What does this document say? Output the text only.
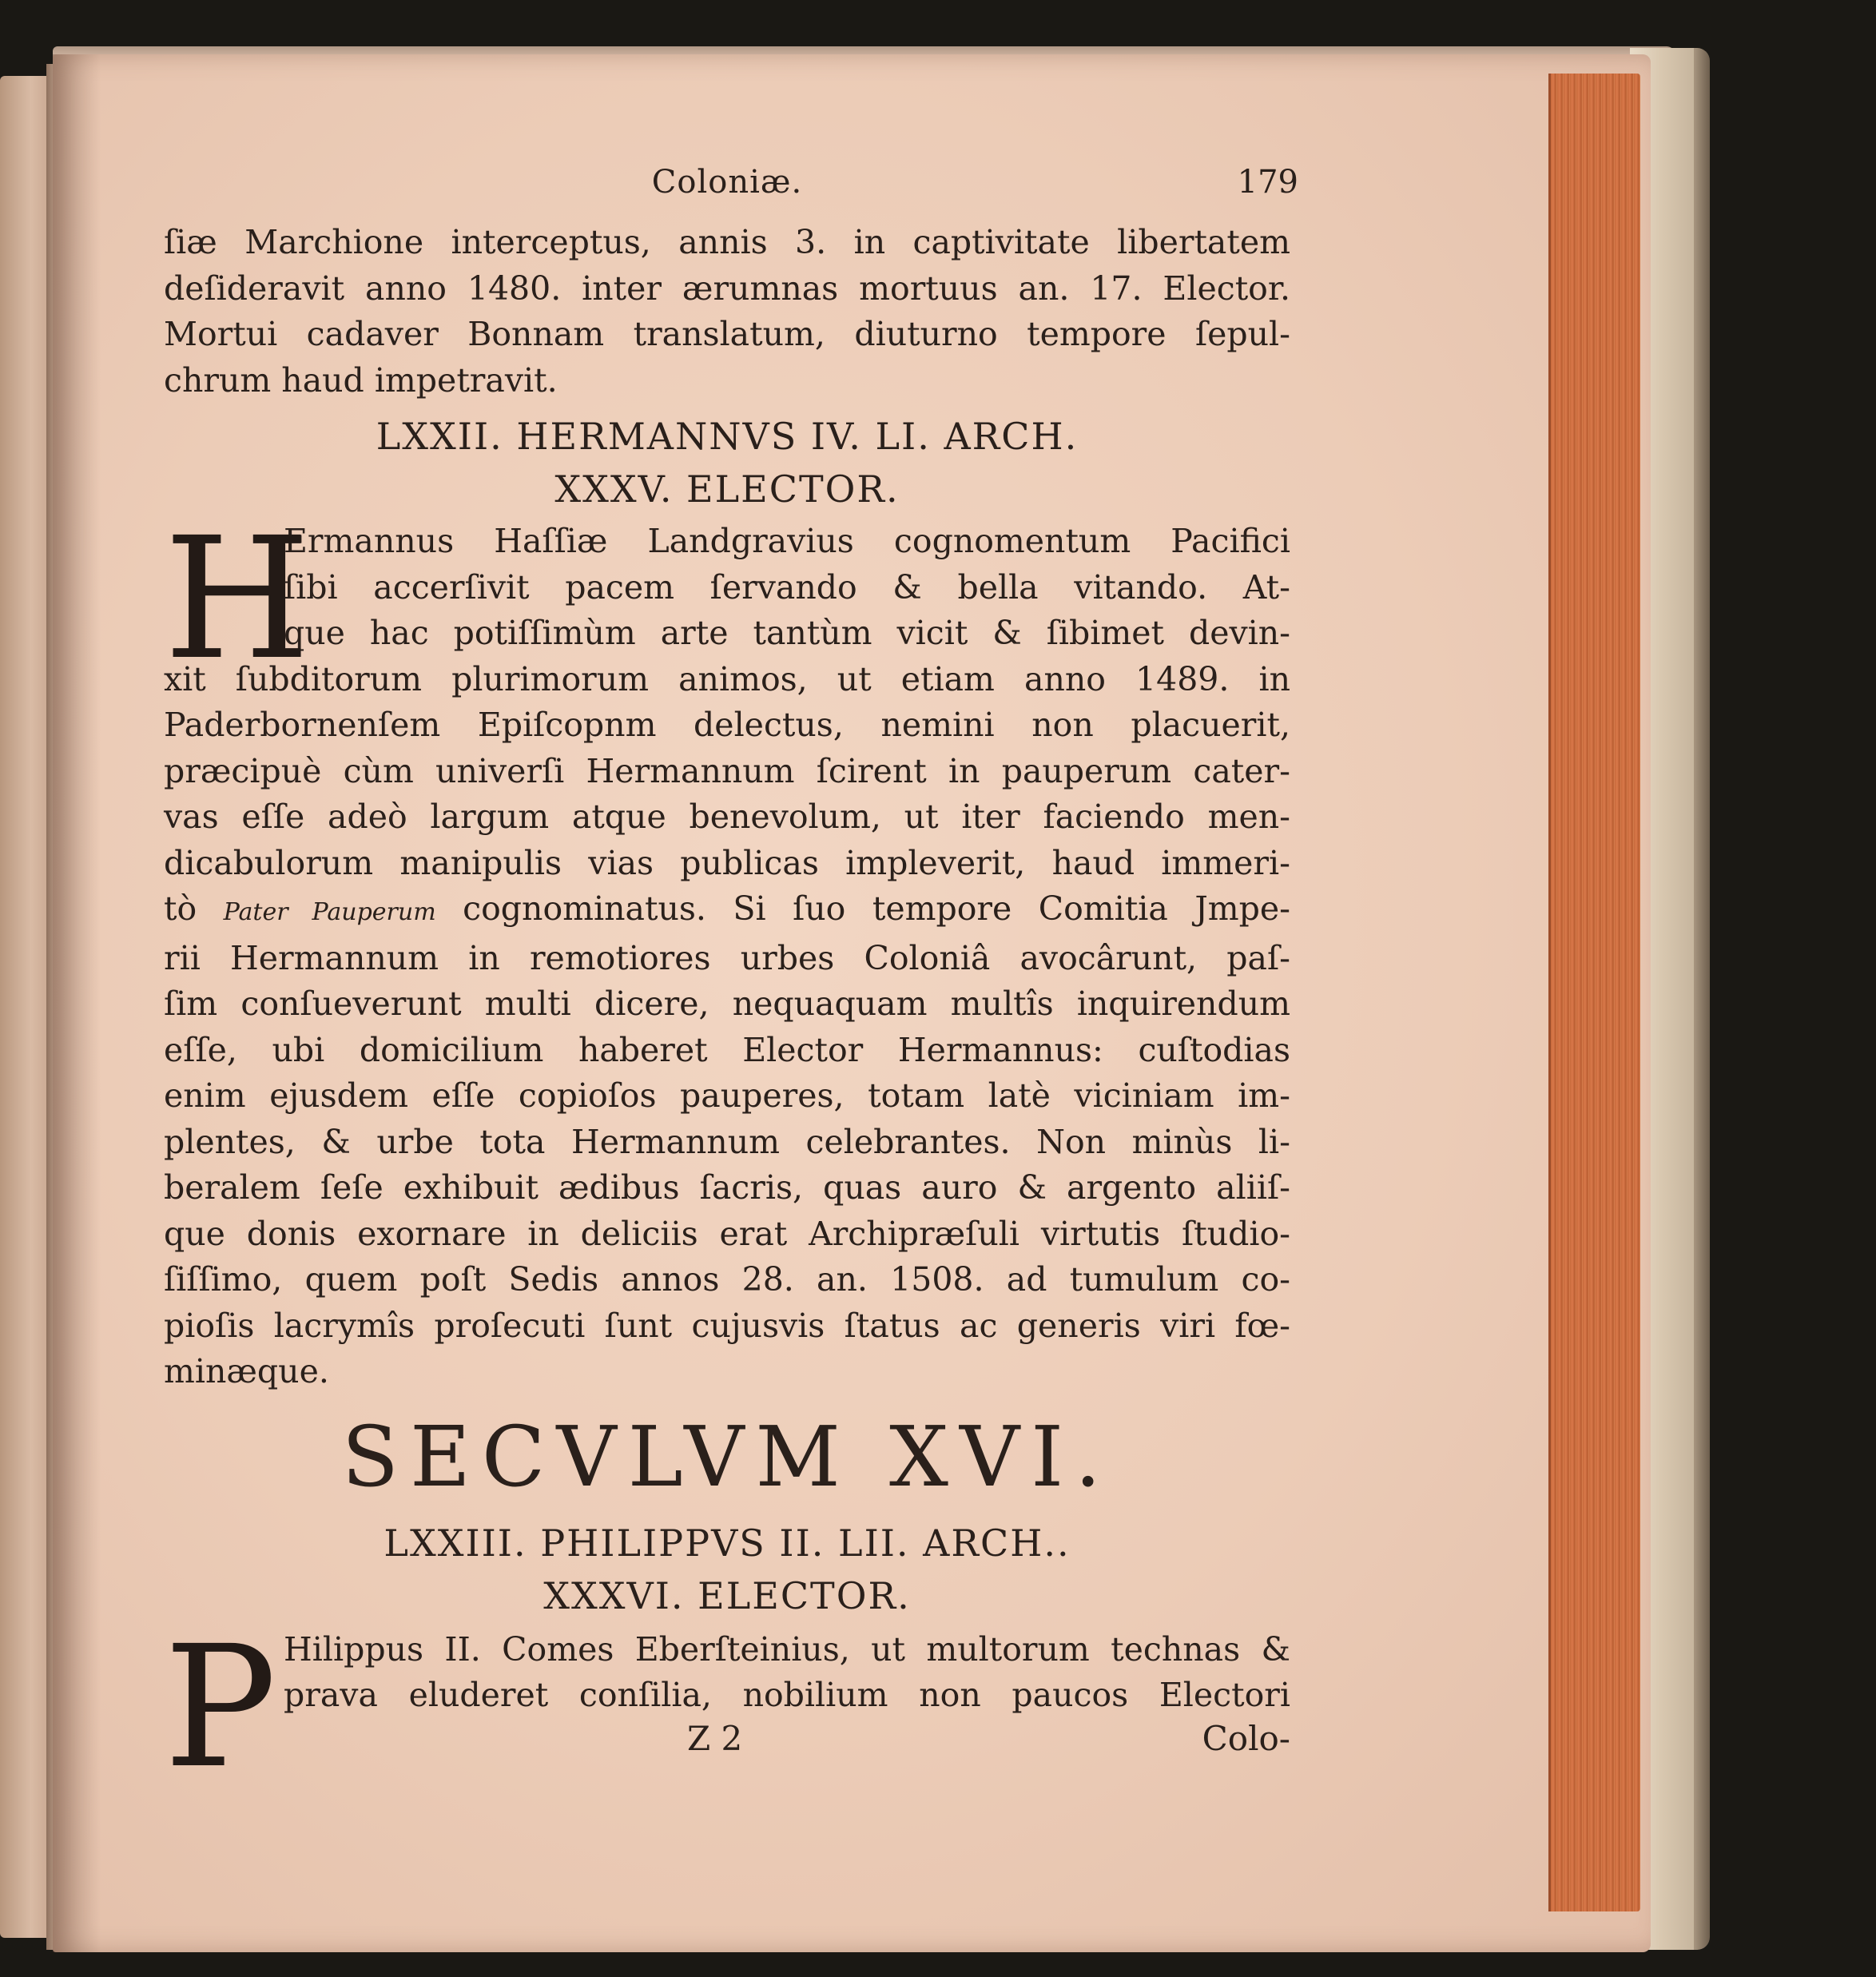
Coloniæ.	179
ſiæ Marchione interceptus, annis 3. in captivitate libertatem
deſideravit anno 1480. inter ærumnas mortuus an. 17. Elector.
Mortui cadaver Bonnam translatum, diuturno tempore ſepul-
chrum haud impetravit.
LXXII. HERMANNVS IV. LI. ARCH.
XXXV. ELECTOR.
H
Ermannus Haſſiæ Landgravius cognomentum Pacifici
ſibi accerſivit pacem ſervando & bella vitando. At-
que hac potiſſimùm arte tantùm vicit & ſibimet devin-
xit ſubditorum plurimorum animos, ut etiam anno 1489. in
Paderbornenſem Epiſcopnm delectus, nemini non placuerit,
præcipuè cùm univerſi Hermannum ſcirent in pauperum cater-
vas eſſe adeò largum atque benevolum, ut iter faciendo men-
dicabulorum manipulis vias publicas impleverit, haud immeri-
tò Pater Pauperum cognominatus. Si ſuo tempore Comitia Jmpe-
rii Hermannum in remotiores urbes Coloniâ avocârunt, paſ-
ſim conſueverunt multi dicere, nequaquam multîs inquirendum
eſſe, ubi domicilium haberet Elector Hermannus: cuſtodias
enim ejusdem eſſe copioſos pauperes, totam latè viciniam im-
plentes, & urbe tota Hermannum celebrantes. Non minùs li-
beralem ſeſe exhibuit ædibus ſacris, quas auro & argento aliiſ-
que donis exornare in deliciis erat Archipræſuli virtutis ſtudio-
ſiſſimo, quem poſt Sedis annos 28. an. 1508. ad tumulum co-
pioſis lacrymîs proſecuti ſunt cujusvis ſtatus ac generis viri fœ-
minæque.
SECVLVM XVI.
LXXIII. PHILIPPVS II. LII. ARCH..
XXXVI. ELECTOR.
P Hilippus II. Comes Eberſteinius, ut multorum technas &
prava eluderet conſilia, nobilium non paucos Electori
Z 2	Colo-
